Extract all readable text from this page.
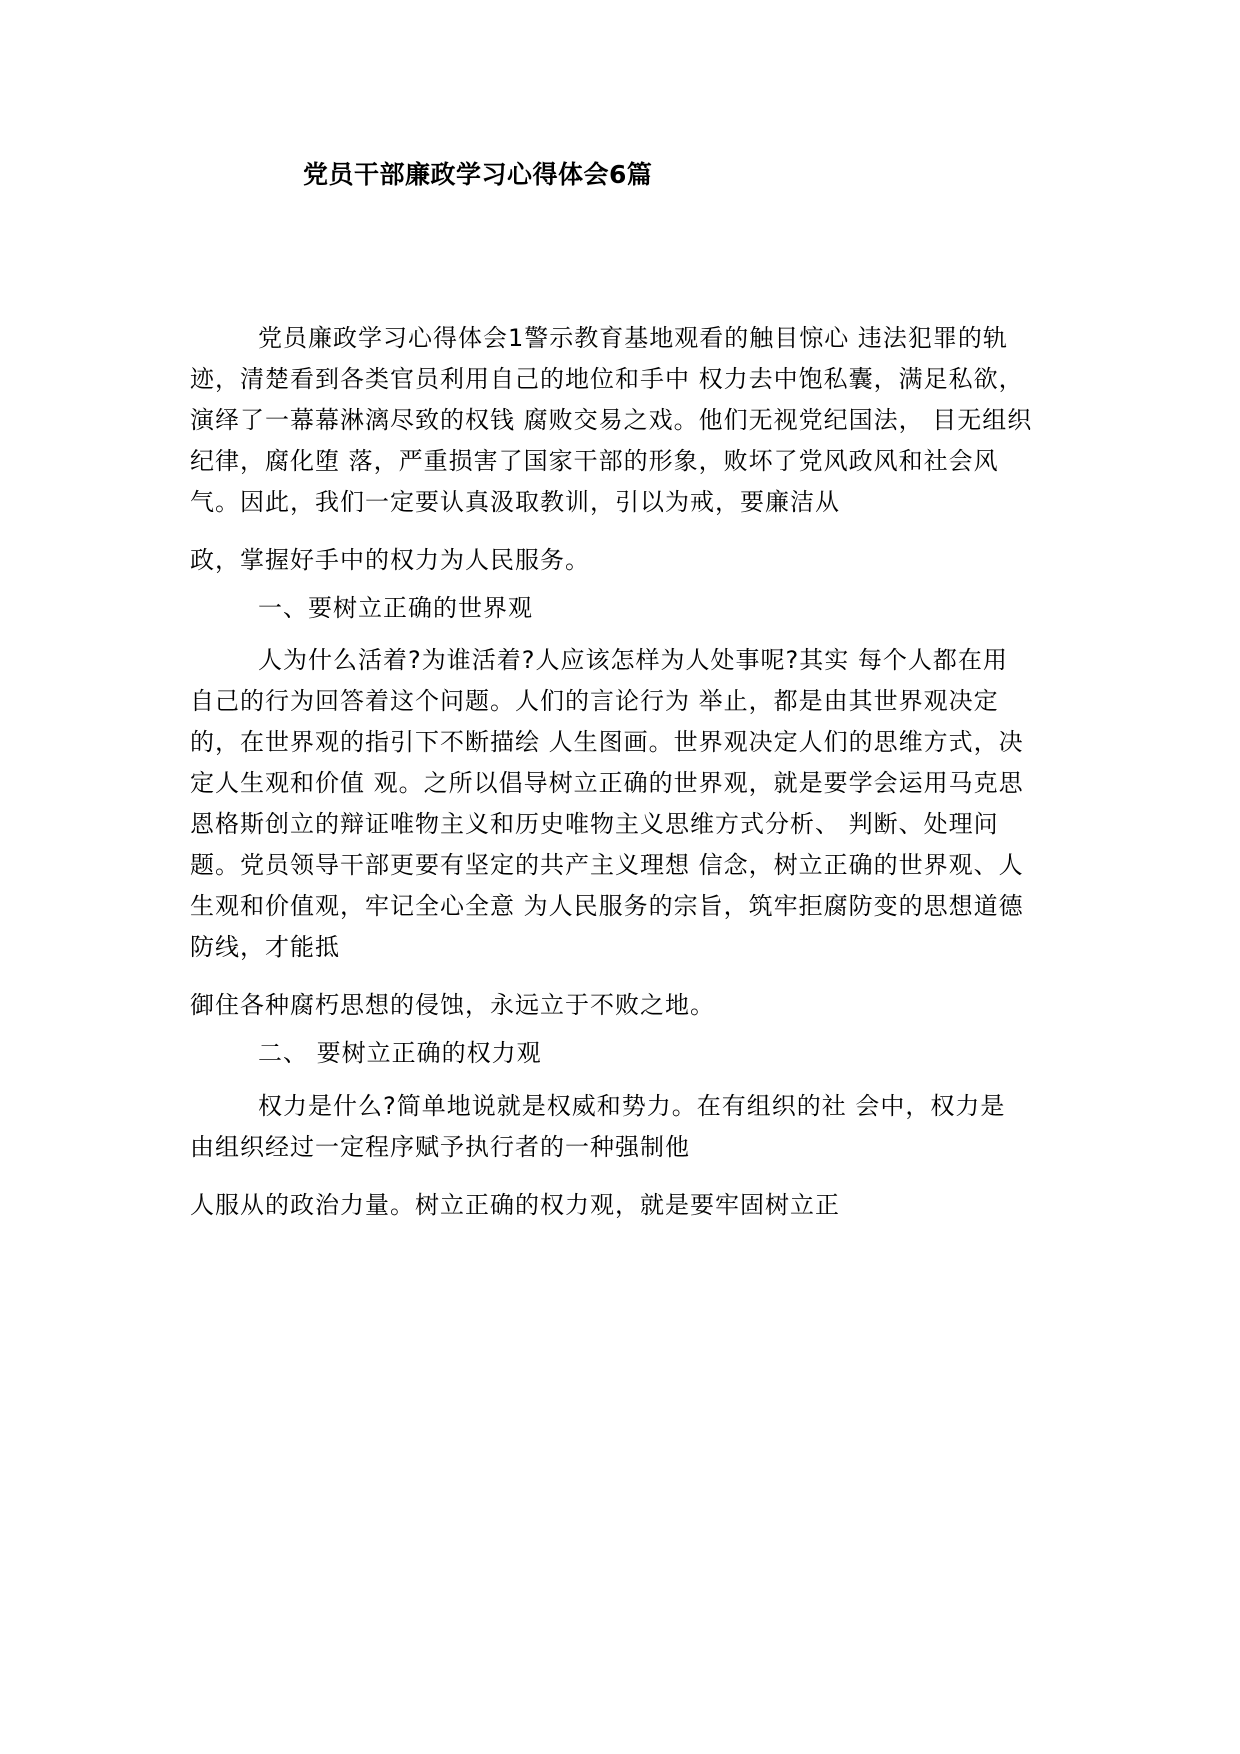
党员干部廉政学习心得体会6篇
党员廉政学习心得体会1警示教育基地观看的触目惊心 违法犯罪的轨
迹，清楚看到各类官员利用自己的地位和手中 权力去中饱私囊，满足私欲，
演绎了一幕幕淋漓尽致的权钱 腐败交易之戏。他们无视党纪国法， 目无组织
纪律，腐化堕 落，严重损害了国家干部的形象，败坏了党风政风和社会风
气。因此，我们一定要认真汲取教训，引以为戒，要廉洁从
政，掌握好手中的权力为人民服务。
一、要树立正确的世界观
人为什么活着?为谁活着?人应该怎样为人处事呢?其实 每个人都在用
自己的行为回答着这个问题。人们的言论行为 举止，都是由其世界观决定
的，在世界观的指引下不断描绘 人生图画。世界观决定人们的思维方式，决
定人生观和价值 观。之所以倡导树立正确的世界观，就是要学会运用马克思
恩格斯创立的辩证唯物主义和历史唯物主义思维方式分析、 判断、处理问
题。党员领导干部更要有坚定的共产主义理想 信念，树立正确的世界观、人
生观和价值观，牢记全心全意 为人民服务的宗旨，筑牢拒腐防变的思想道德
防线，才能抵
御住各种腐朽思想的侵蚀，永远立于不败之地。
二、 要树立正确的权力观
权力是什么?简单地说就是权威和势力。在有组织的社 会中，权力是
由组织经过一定程序赋予执行者的一种强制他
人服从的政治力量。树立正确的权力观，就是要牢固树立正
